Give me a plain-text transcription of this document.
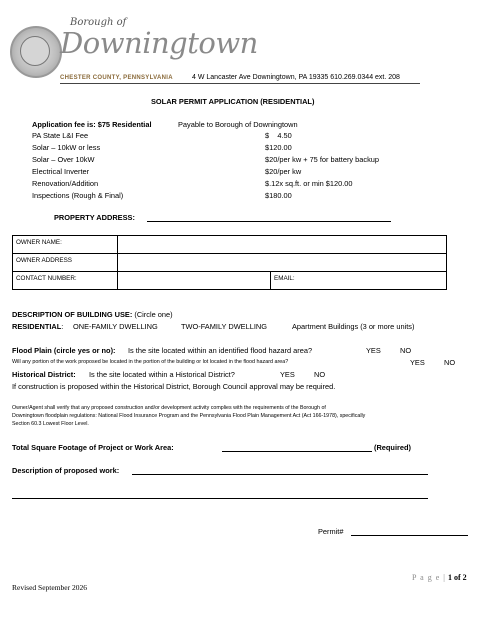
Borough of
Downingtown
CHESTER COUNTY, PENNSYLVANIA	4 W Lancaster Ave Downingtown, PA 19335 610.269.0344 ext. 208
SOLAR PERMIT APPLICATION (RESIDENTIAL)
Application fee is: $75 Residential	Payable to Borough of Downingtown
PA State L&I Fee	$    4.50
Solar – 10kW or less	$120.00
Solar – Over 10kW	$20/per kw + 75 for battery backup
Electrical Inverter	$20/per kw
Renovation/Addition	$.12x sq.ft. or min $120.00
Inspections (Rough & Final)	$180.00
PROPERTY ADDRESS:
OWNER NAME:		
OWNER ADDRESS		
CONTACT NUMBER:		EMAIL:
DESCRIPTION OF BUILDING USE: (Circle one)
RESIDENTIAL: ONE-FAMILY DWELLING	TWO-FAMILY DWELLING	Apartment Buildings (3 or more units)
Flood Plain (circle yes or no): Is the site located within an identified flood hazard area?	YES	NO
Will any portion of the work proposed be located in the portion of the building or lot located in the flood hazard area?	YES	NO
Historical District: Is the site located within a Historical District?	YES	NO
If construction is proposed within the Historical District, Borough Council approval may be required.
Owner/Agent shall verify that any proposed construction and/or development activity complies with the requirements of the Borough of
Downingtown floodplain regulations: National Flood Insurance Program and the Pennsylvania Flood Plain Management Act (Act 166-1978), specifically
Section 60.3 Lowest Floor Level.
Total Square Footage of Project or Work Area:	(Required)
Description of proposed work:
Permit#
P a g e | 1 of 2
Revised September 2026
